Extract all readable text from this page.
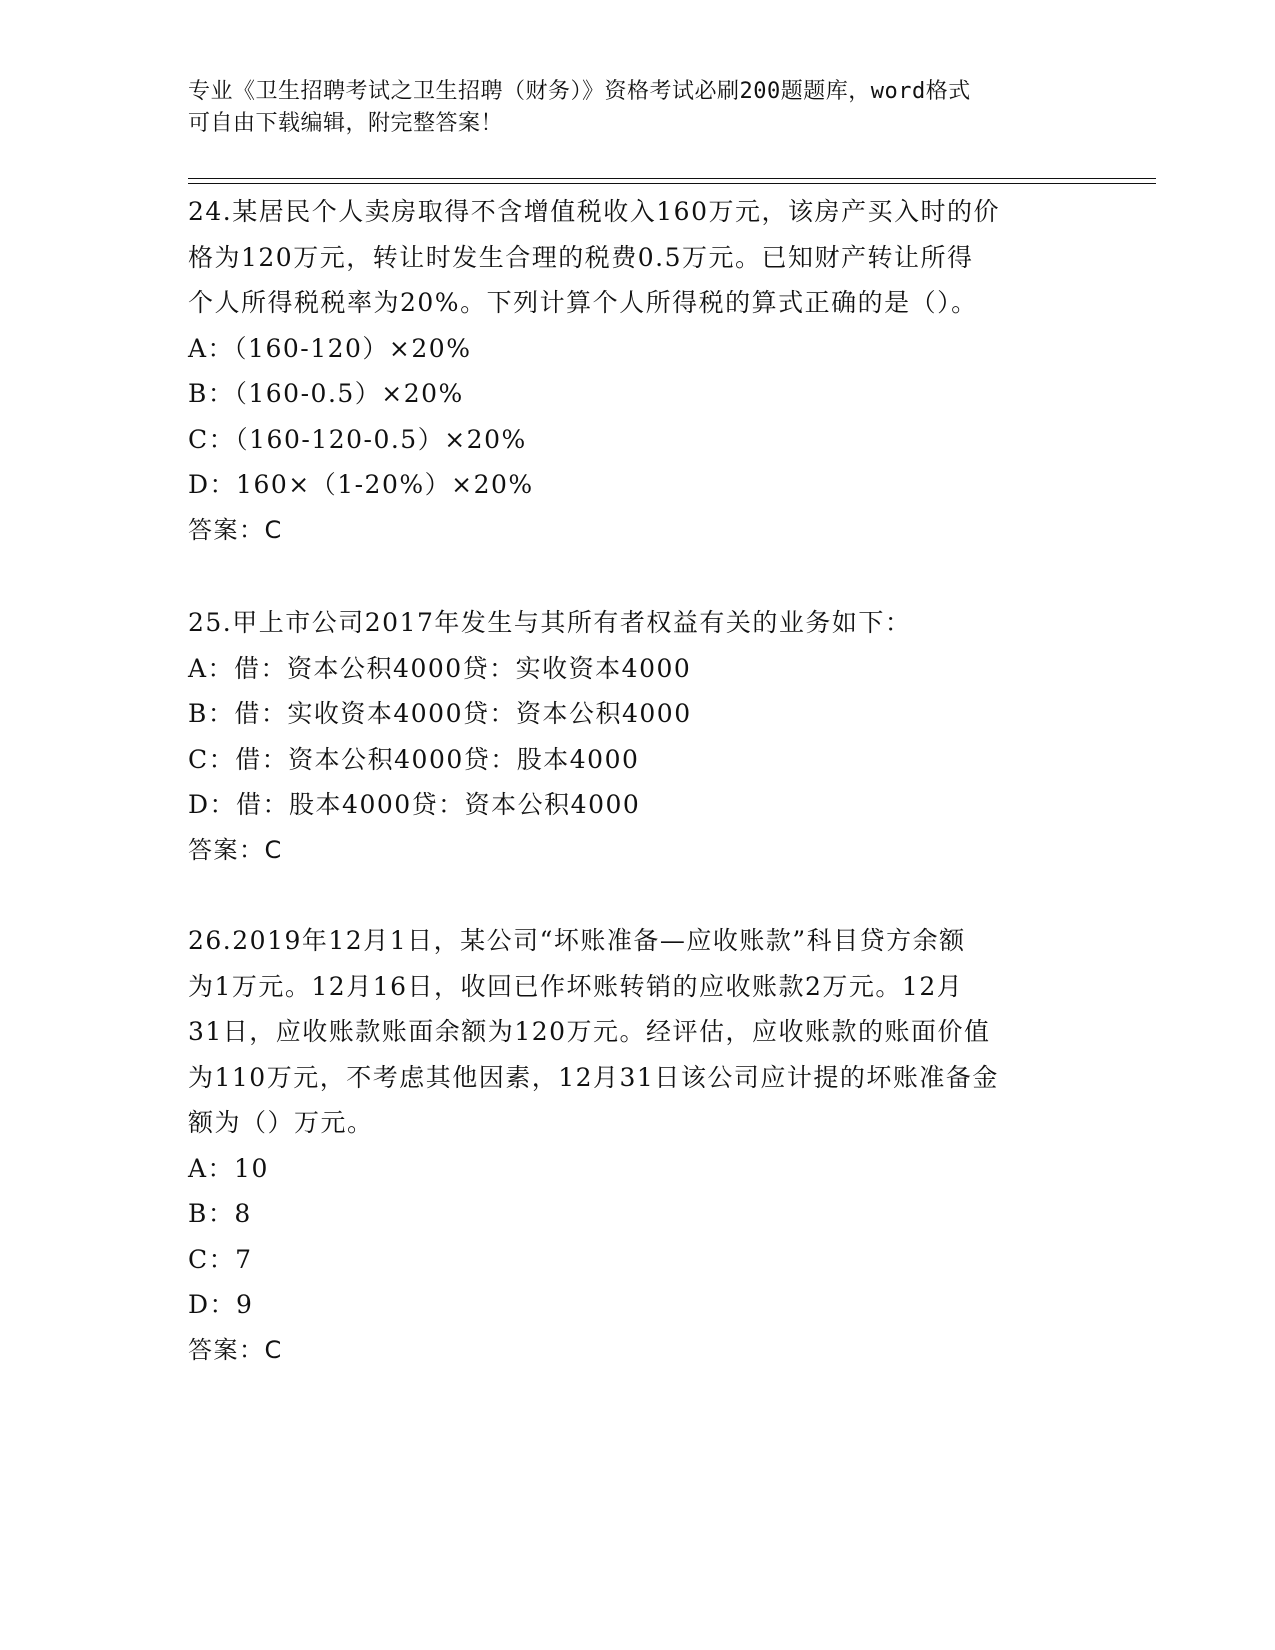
专业《卫生招聘考试之卫生招聘（财务）》资格考试必刷200题题库，word格式
可自由下载编辑，附完整答案！
24.某居民个人卖房取得不含增值税收入160万元，该房产买入时的价
格为120万元，转让时发生合理的税费0.5万元。已知财产转让所得
个人所得税税率为20%。下列计算个人所得税的算式正确的是（）。
A：（160-120）×20%
B：（160-0.5）×20%
C：（160-120-0.5）×20%
D：160×（1-20%）×20%
答案：C
25.甲上市公司2017年发生与其所有者权益有关的业务如下：
A：借：资本公积4000贷：实收资本4000
B：借：实收资本4000贷：资本公积4000
C：借：资本公积4000贷：股本4000
D：借：股本4000贷：资本公积4000
答案：C
26.2019年12月1日，某公司“坏账准备—应收账款”科目贷方余额
为1万元。12月16日，收回已作坏账转销的应收账款2万元。12月
31日，应收账款账面余额为120万元。经评估，应收账款的账面价值
为110万元，不考虑其他因素，12月31日该公司应计提的坏账准备金
额为（）万元。
A：10
B：8
C：7
D：9
答案：C
